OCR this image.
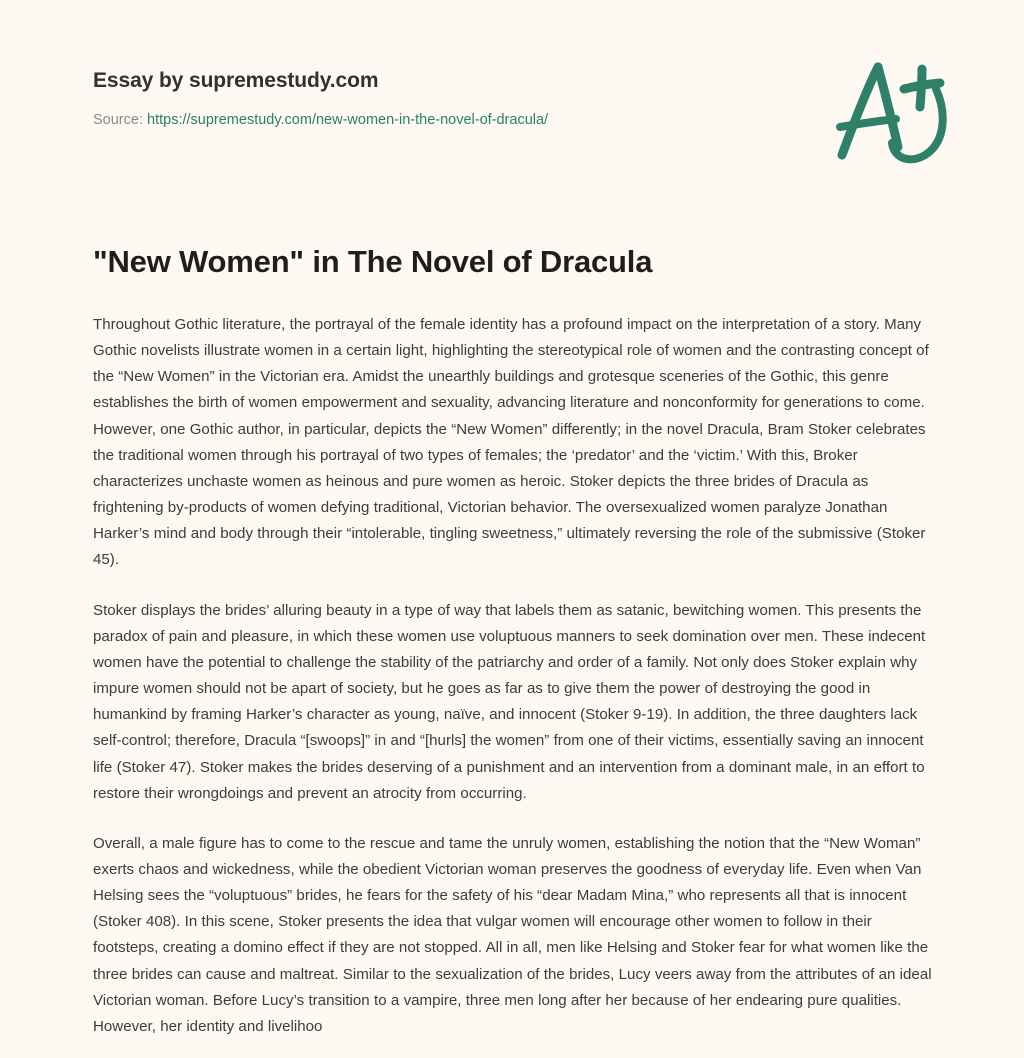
Essay by supremestudy.com
Source: https://supremestudy.com/new-women-in-the-novel-of-dracula/
"New Women" in The Novel of Dracula

Throughout Gothic literature, the portrayal of the female identity has a profound impact on the interpretation of a story. Many Gothic novelists illustrate women in a certain light, highlighting the stereotypical role of women and the contrasting concept of the “New Women” in the Victorian era. Amidst the unearthly buildings and grotesque sceneries of the Gothic, this genre establishes the birth of women empowerment and sexuality, advancing literature and nonconformity for generations to come. However, one Gothic author, in particular, depicts the “New Women” differently; in the novel Dracula, Bram Stoker celebrates the traditional women through his portrayal of two types of females; the ‘predator’ and the ‘victim.’ With this, Broker characterizes unchaste women as heinous and pure women as heroic. Stoker depicts the three brides of Dracula as frightening by-products of women defying traditional, Victorian behavior. The oversexualized women paralyze Jonathan Harker’s mind and body through their “intolerable, tingling sweetness,” ultimately reversing the role of the submissive (Stoker 45).

Stoker displays the brides’ alluring beauty in a type of way that labels them as satanic, bewitching women. This presents the paradox of pain and pleasure, in which these women use voluptuous manners to seek domination over men. These indecent women have the potential to challenge the stability of the patriarchy and order of a family. Not only does Stoker explain why impure women should not be apart of society, but he goes as far as to give them the power of destroying the good in humankind by framing Harker’s character as young, naïve, and innocent (Stoker 9-19). In addition, the three daughters lack self-control; therefore, Dracula “[swoops]” in and “[hurls] the women” from one of their victims, essentially saving an innocent life (Stoker 47). Stoker makes the brides deserving of a punishment and an intervention from a dominant male, in an effort to restore their wrongdoings and prevent an atrocity from occurring.

Overall, a male figure has to come to the rescue and tame the unruly women, establishing the notion that the “New Woman” exerts chaos and wickedness, while the obedient Victorian woman preserves the goodness of everyday life. Even when Van Helsing sees the “voluptuous” brides, he fears for the safety of his “dear Madam Mina,” who represents all that is innocent (Stoker 408). In this scene, Stoker presents the idea that vulgar women will encourage other women to follow in their footsteps, creating a domino effect if they are not stopped. All in all, men like Helsing and Stoker fear for what women like the three brides can cause and maltreat. Similar to the sexualization of the brides, Lucy veers away from the attributes of an ideal Victorian woman. Before Lucy’s transition to a vampire, three men long after her because of her endearing pure qualities. However, her identity and livelihoo
